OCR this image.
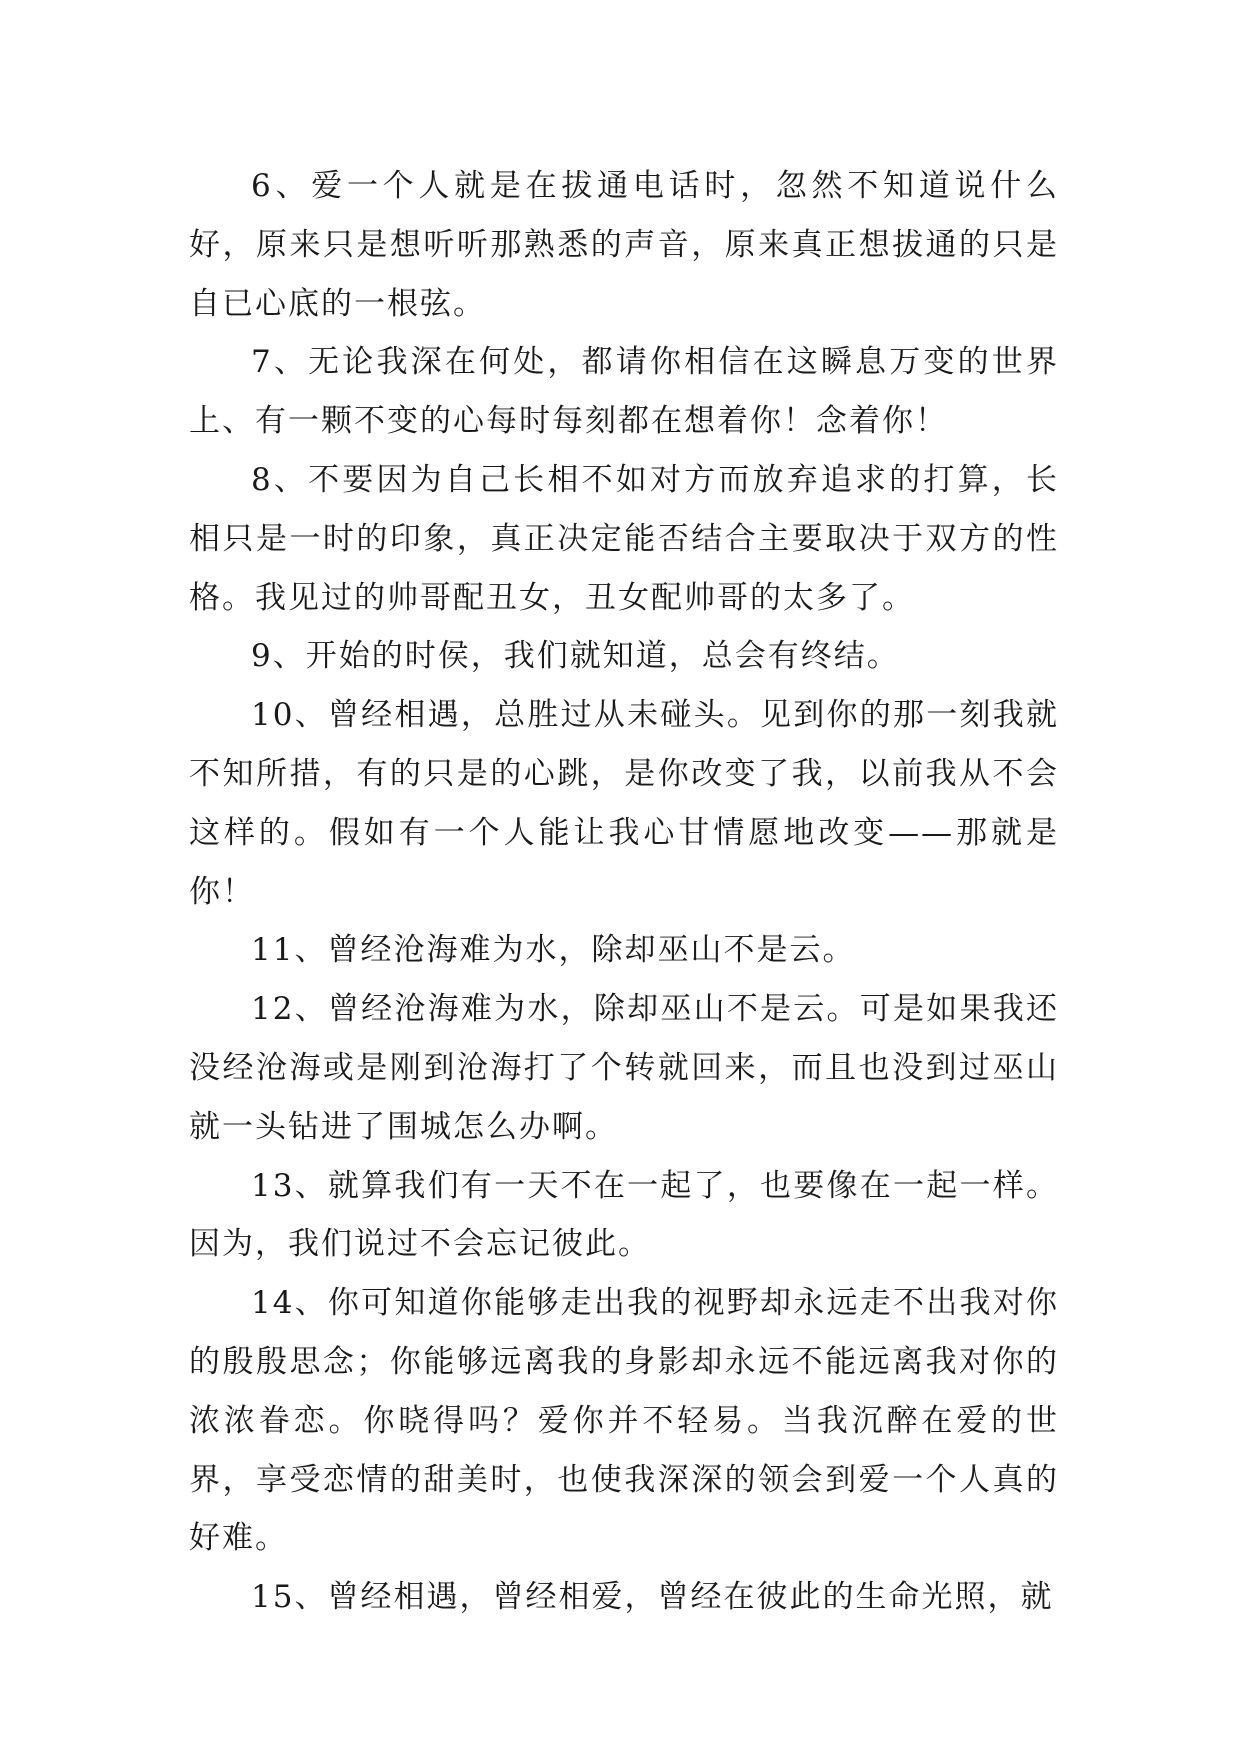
6、爱一个人就是在拔通电话时，忽然不知道说什么好，原来只是想听听那熟悉的声音，原来真正想拔通的只是自已心底的一根弦。

7、无论我深在何处，都请你相信在这瞬息万变的世界上、有一颗不变的心每时每刻都在想着你！念着你！

8、不要因为自己长相不如对方而放弃追求的打算，长相只是一时的印象，真正决定能否结合主要取决于双方的性格。我见过的帅哥配丑女，丑女配帅哥的太多了。

9、开始的时侯，我们就知道，总会有终结。

10、曾经相遇，总胜过从未碰头。见到你的那一刻我就不知所措，有的只是的心跳，是你改变了我，以前我从不会这样的。假如有一个人能让我心甘情愿地改变——那就是你！

11、曾经沧海难为水，除却巫山不是云。

12、曾经沧海难为水，除却巫山不是云。可是如果我还没经沧海或是刚到沧海打了个转就回来，而且也没到过巫山就一头钻进了围城怎么办啊。

13、就算我们有一天不在一起了，也要像在一起一样。因为，我们说过不会忘记彼此。

14、你可知道你能够走出我的视野却永远走不出我对你的殷殷思念；你能够远离我的身影却永远不能远离我对你的浓浓眷恋。你晓得吗？爱你并不轻易。当我沉醉在爱的世界，享受恋情的甜美时，也使我深深的领会到爱一个人真的好难。

15、曾经相遇，曾经相爱，曾经在彼此的生命光照，就
